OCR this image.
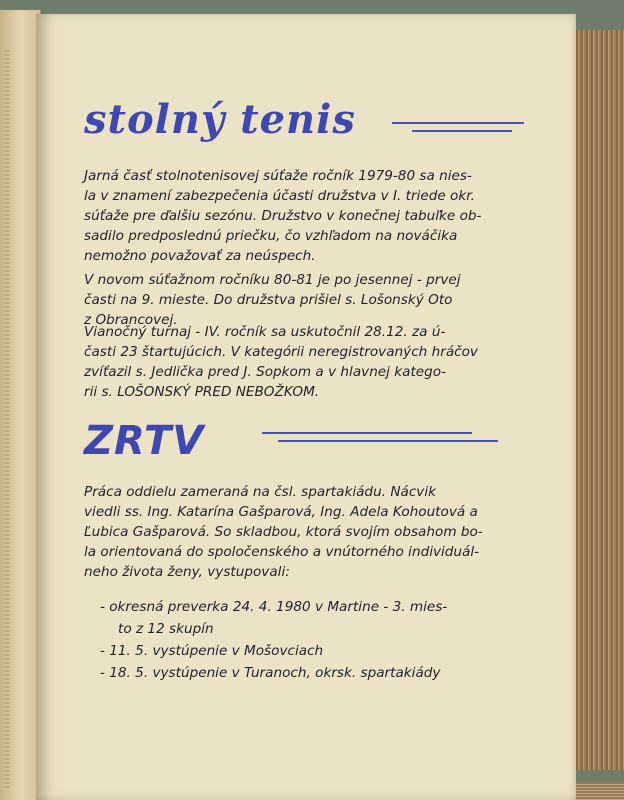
stolný tenis
Jarná časť stolnotenisovej súťaže ročník 1979-80 sa nies-
la v znamení zabezpečenia účasti družstva v I. triede okr.
súťaže pre ďalšiu sezónu. Družstvo v konečnej tabuľke ob-
sadilo predposlednú priečku, čo vzhľadom na nováčika
nemožno považovať za neúspech.
V novom súťažnom ročníku 80-81 je po jesennej - prvej
časti na 9. mieste. Do družstva prišiel s. Lošonský Oto
z Obrancovej.
Vianočný turnaj - IV. ročník sa uskutočnil 28.12. za ú-
časti 23 štartujúcich. V kategórii neregistrovaných hráčov
zvíťazil s. Jedlička pred J. Sopkom a v hlavnej katego-
rii s. LOŠONSKÝ PRED NEBOŽKOM.
ZRTV
Práca oddielu zameraná na čsl. spartakiádu. Nácvik
viedli ss. Ing. Katarína Gašparová, Ing. Adela Kohoutová a
Ľubica Gašparová. So skladbou, ktorá svojím obsahom bo-
la orientovaná do spoločenského a vnútorného individuál-
neho života ženy, vystupovali:
- okresná preverka 24. 4. 1980 v Martine - 3. mies-
to z 12 skupín
- 11. 5. vystúpenie v Mošovciach
- 18. 5. vystúpenie v Turanoch, okrsk. spartakiády
